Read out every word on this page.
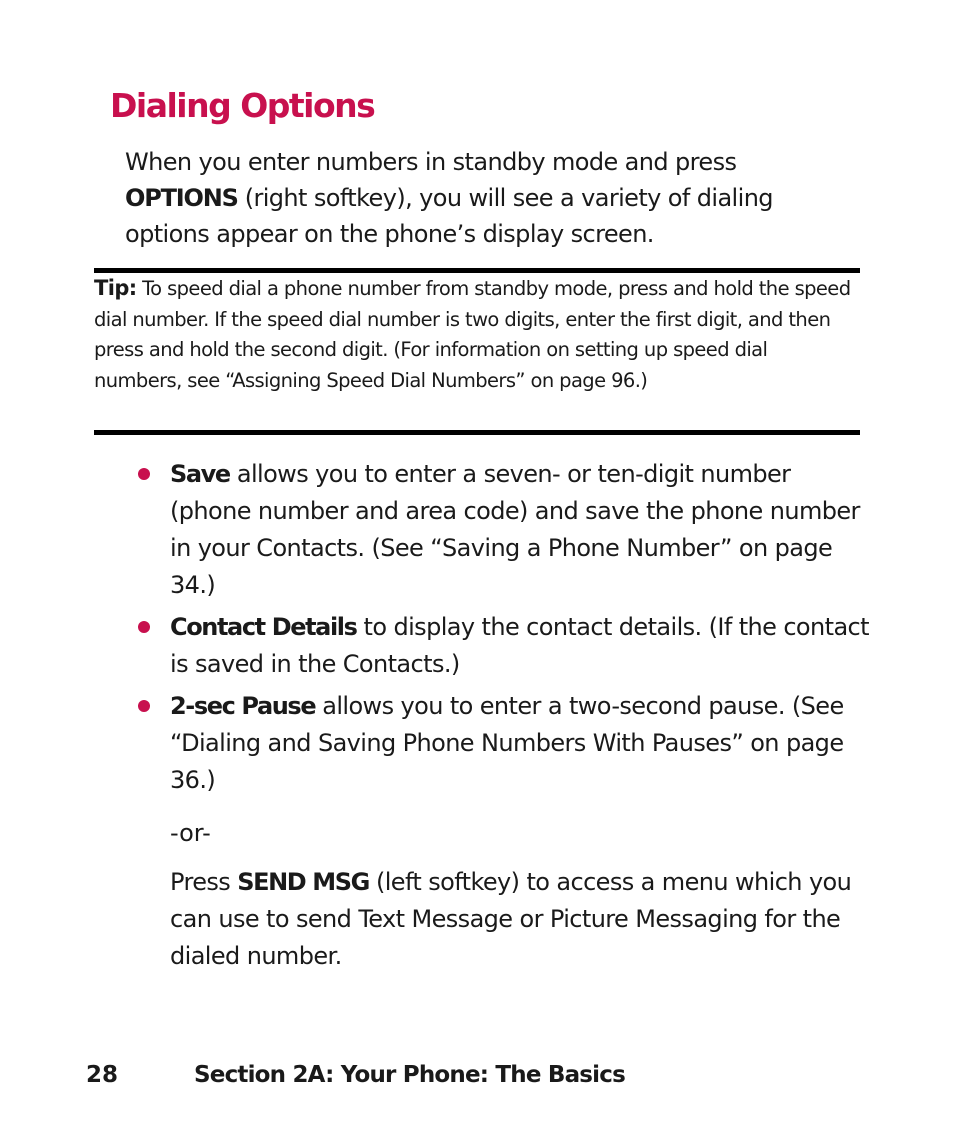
Dialing Options
When you enter numbers in standby mode and press OPTIONS (right softkey), you will see a variety of dialing options appear on the phone’s display screen.
Tip: To speed dial a phone number from standby mode, press and hold the speed dial number. If the speed dial number is two digits, enter the first digit, and then press and hold the second digit. (For information on setting up speed dial numbers, see “Assigning Speed Dial Numbers” on page 96.)
Save allows you to enter a seven- or ten-digit number (phone number and area code) and save the phone number in your Contacts. (See “Saving a Phone Number” on page 34.)
Contact Details to display the contact details. (If the contact is saved in the Contacts.)
2-sec Pause allows you to enter a two-second pause. (See “Dialing and Saving Phone Numbers With Pauses” on page 36.)
-or-
Press SEND MSG (left softkey) to access a menu which you can use to send Text Message or Picture Messaging for the dialed number.
28	Section 2A: Your Phone: The Basics
